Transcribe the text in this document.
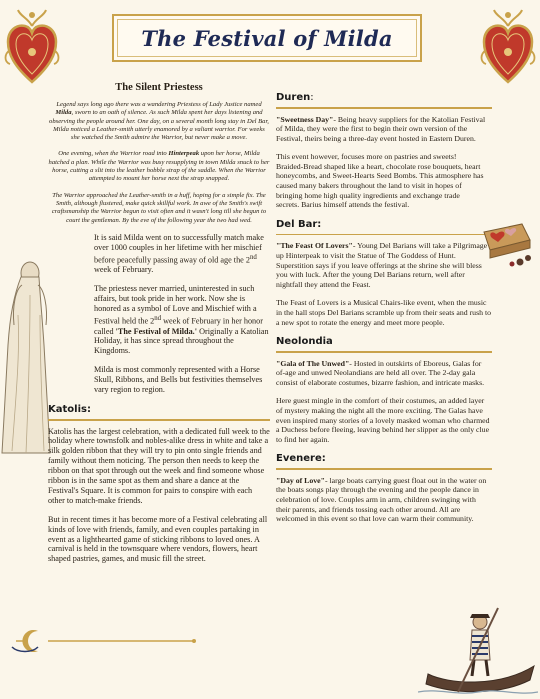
The Festival of Milda
The Silent Priestess

Legend says long ago there was a wandering Priestess of Lady Justice named Milda, sworn to an oath of silence. As such Milda spent her days listening and observing the people around her. One day, on a several month long stay in Del Bar, Milda noticed a Leather-smith utterly enamored by a valiant warrior. For weeks she watched the Smith admire the Warrior, but never make a move.

One evening, when the Warrior road into Hinterpeak upon her horse, Milda hatched a plan. While the Warrior was busy resupplying in town Milda snuck to her horse, cutting a slit into the leather hobble strap of the saddle. When the Warrior attempted to mount her horse next the strap snapped.

The Warrior approached the Leather-smith in a huff, hoping for a simple fix. The Smith, although flustered, make quick skillful work. In awe of the Smith's swift craftsmanship the Warrior begun to visit often and it wasn't long till she begun to court the gentleman. By the eve of the following year the two had wed.

It is said Milda went on to successfully match make over 1000 couples in her lifetime with her mischief before peacefully passing away of old age the 2nd week of February.

The priestess never married, uninterested in such affairs, but took pride in her work. Now she is honored as a symbol of Love and Mischief with a Festival held the 2nd week of February in her honor called 'The Festival of Milda.' Originally a Katolian Holiday, it has since spread throughout the Kingdoms.

Milda is most commonly represented with a Horse Skull, Ribbons, and Bells but festivities themselves vary region to region.

Katolis:

Katolis has the largest celebration, with a dedicated full week to the holiday where townsfolk and nobles-alike dress in white and take a silk golden ribbon that they will try to pin onto single friends and family without them noticing. The person then needs to keep the ribbon on that spot through out the week and find someone whose ribbon is in the same spot as them and share a dance at the Festival's Square. It is common for pairs to conspire with each other to match-make friends.

But in recent times it has become more of a Festival celebrating all kinds of love with friends, family, and even couples partaking in event as a lighthearted game of sticking ribbons to loved ones. A carnival is held in the townsquare where vendors, flowers, heart shaped pastries, games, and music fill the street.

Duren:

"Sweetness Day"- Being heavy suppliers for the Katolian Festival of Milda, they were the first to begin their own version of the Festival, theirs being a three-day event hosted in Eastern Duren.

This event however, focuses more on pastries and sweets! Braided-Bread shaped like a heart, chocolate rose bouquets, heart honeycombs, and Sweet-Hearts Seed Bombs. This atmosphere has caused many bakers throughout the land to visit in hopes of bringing home high quality ingredients and exchange trade secrets. Barius himself attends the festival.

Del Bar:

"The Feast Of Lovers"- Young Del Barians will take a Pilgrimage up Hinterpeak to visit the Statue of The Goddess of Hunt. Superstition says if you leave offerings at the shrine she will bless you with luck. After the young Del Barians return, well after nightfall they attend the Feast.

The Feast of Lovers is a Musical Chairs-like event, when the music in the hall stops Del Barians scramble up from their seats and rush to a new spot to rotate the energy and meet more people.

Neolondia

"Gala of The Unwed"- Hosted in outskirts of Eboreus, Galas for of-age and unwed Neolandians are held all over. The 2-day gala consist of elaborate costumes, bizarre fashion, and intricate masks.

Here guest mingle in the comfort of their costumes, an added layer of mystery making the night all the more exciting. The Galas have even inspired many stories of a lovely masked woman who charmed a Duchess before fleeing, leaving behind her slipper as the only clue to find her again.

Evenere:

"Day of Love"- large boats carrying guest float out in the water on the boats songs play through the evening and the people dance in celebration of love. Couples arm in arm, children swinging with their parents, and friends tossing each other around. All are welcomed in this event so that love can warm their community.
